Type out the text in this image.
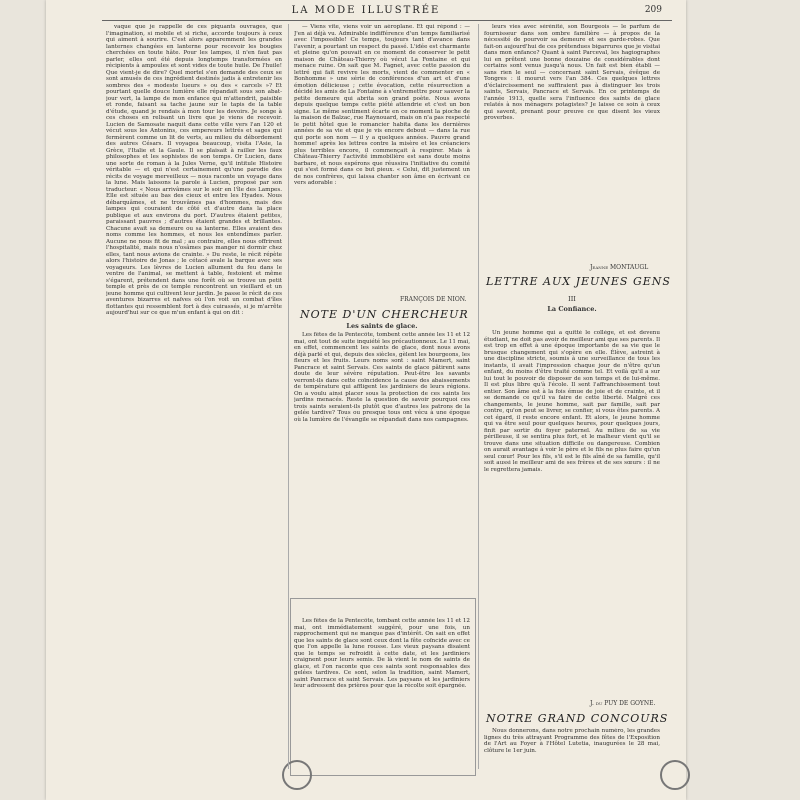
LA MODE ILLUSTRÉE	209

vaque que je rappelle de ces piquants ouvrages, que l'imagination, si mobile et si riche, accorde toujours à ceux qui aiment à sourire. C'est alors apparemment les grandes lanternes changées en lanterne pour recevoir les bougies cherchées en toute hâte. Pour les lampes, il n'en faut pas parler, elles ont été depuis longtemps transformées en récipients à ampoules et sont vides de toute huile. De l'huile! Que vient-je de dire? Quel mortel s'en demande des ceux se sont amusés de ces ingrédient destinés jadis à entretenir les sombres des « modeste lueurs » ou des « carcels »? Et pourtant quelle douce lumière elle répandait sous son abat-jour vert, la lampe de mon enfance qui m'attendrit, paisible et ronde, faisant sa tache jaune sur le tapis de la table d'étude, quand je rendais à mon tour les devoirs. Je songe à ces choses en relisant un livre que je viens de recevoir. Lucien de Samosate naquit dans cette ville vers l'an 120 et vécut sous les Antonins, ces empereurs lettrés et sages qui fermèrent comme un lit de verts, au milieu du débordement des autres Césars. Il voyagea beaucoup, visita l'Asie, la Grèce, l'Italie et la Gaule. Il se plaisait à railler les faux philosophes et les sophistes de son temps. Or Lucien, dans une sorte de roman à la Jules Verne, qu'il intitule Histoire véritable — et qui n'est certainement qu'une parodie des récits de voyage merveilleux — nous raconte un voyage dans la lune. Mais laissons la parole à Lucien, proposé par son traducteur. « Nous arrivâmes sur le soir en l'île des Lampes. Elle est située au bas des cieux et entre les Hyades. Nous débarquâmes, et ne trouvâmes pas d'hommes, mais des lampes qui couraient de côté et d'autre dans la place publique et aux environs du port. D'autres étaient petites, paraissant pauvres ; d'autres étaient grandes et brillantes. Chacune avait sa demeure ou sa lanterne. Elles avaient des noms comme les hommes, et nous les entendîmes parler. Aucune ne nous fit de mal ; au contraire, elles nous offrirent l'hospitalité, mais nous n'osâmes pas manger ni dormir chez elles, tant nous avions de crainte. » Du reste, le récit répète alors l'histoire de Jonas ; le cétacé avale la barque avec ses voyageurs. Les lèvres de Lucien allument du feu dans le ventre de l'animal, se mettent à table, festoient et même s'égarent, prétendent dans une forêt où se trouve un petit temple et près de ce temple rencontrent un vieillard et un jeune homme qui cultivent leur jardin. Je passe le récit de ces aventures bizarres et naïves où l'on voit un combat d'îles flottantes qui ressemblent fort à des cuirassés, si je m'arrête aujourd'hui sur ce que m'un enfant à qui on dit :

— Viens vite, viens voir un aéroplane. Et qui répond : — J'en ai déjà vu. Admirable indifférence d'un temps familiarisé avec l'impossible! Ce temps, toujours tant d'avance dans l'avenir, a pourtant un respect du passé. L'idée est charmante et pleine qu'on pouvait en ce moment de conserver le petit maison de Château-Thierry où vécut La Fontaine et qui menace ruine. On sait que M. Fagnet, avec cette passion du lettré qui fait revivre les morts, vient de commenter en « Bonhomme » une série de conférences d'un art et d'une émotion délicieuse ; cette évocation, cette résurrection a décidé les amis de La Fontaine à s'entremettre pour sauver la petite demeure qui abrita son grand poète. Nous avons depuis quelque temps cette piété attendrie et c'est un bon signe. Le même sentiment écarte en ce moment la pioche de la maison de Balzac, rue Raynouard, mais on n'a pas respecté le petit hôtel que le romancier habita dans les dernières années de sa vie et que je vis encore debout — dans la rue qui porte son nom — il y a quelques années. Pauvre grand homme! après les lettres contre la misère et les créanciers plus terribles encore, il commençait à respirer. Mais à Château-Thierry l'activité immobilière est sans doute moins barbare, et nous espérons que réussira l'initiative du comité qui s'est formé dans ce but pieux. « Celui, dit justement un de nos confrères, qui laissa chanter son âme en écrivant ce vers adorable :

FRANÇOIS DE NION.

leurs vies avec sérénité, son Bourgeois — le parfum de fournisseur dans son ombre familière — à propos de la nécessité de pourvoir sa demeure et ses garde-robes. Que fait-on aujourd'hui de ces prétendues bigarrures que je visitai dans mon enfance? Quant à saint Parceval, les hagiographes lui en prêtent une bonne douzaine de considérables dont certains sont venus jusqu'à nous. Un fait est bien établi — sans rien le seul — concernant saint Servais, évêque de Tongres : il mourut vers l'an 384. Ces quelques lettres d'éclaircissement ne suffiraient pas à distinguer les trois saints, Servais, Pancrace et Servais. En ce printemps de l'année 1913, quelle sera l'influence des saints de glace relatés à nos ménagers potagistes? Je laisse ce soin à ceux qui savent, prenant pour preuve ce que disent les vieux proverbes.

Jeanne MONTAUGL
NOTE D'UN CHERCHEUR
Les saints de glace.

Les fêtes de la Pentecôte, tombent cette année les 11 et 12 mai, ont tout de suite inquiété les précautionneux. Le 11 mai, en effet, commencent les saints de glace, dont nous avons déjà parlé et qui, depuis des siècles, gèlent les bourgeons, les fleurs et les fruits. Leurs noms sont : saint Mamert, saint Pancrace et saint Servais. Ces saints de glace pâtirent sans doute de leur sévère réputation. Peut-être les savants verront-ils dans cette coïncidence la cause des abaissements de température qui affligent les jardiniers de leurs régions. On a voulu ainsi placer sous la protection de ces saints les jardins menacés. Reste la question de savoir pourquoi ces trois saints seraient-ils plutôt que d'autres les patrons de la gelée tardive? Tous ou presque tous ont vécu à une époque où la lumière de l'évangile se répandait dans nos campagnes.

LETTRE AUX JEUNES GENS
III
La Confiance.

Un jeune homme qui a quitté le collège, et est devenu étudiant, ne doit pas avoir de meilleur ami que ses parents. Il est trop en effet à une époque importante de sa vie que le brusque changement qui s'opère en elle. Élève, astreint à une discipline stricte, soumis à une surveillance de tous les instants, il avait l'impression chaque jour de n'être qu'un enfant, du moins d'être traité comme tel. Et voilà qu'il a sur lui tout le pouvoir de disposer de son temps et de lui-même. Il est plus libre qu'à l'école. Il sent l'affranchissement tout entier. Son âme est à la fois émue de joie et de crainte, et il se demande ce qu'il va faire de cette liberté. Malgré ces changements, le jeune homme, sait par famille, sait par contre, qu'on peut se livrer, se confier, si vous êtes parents. A cet égard, il reste encore enfant. Et alors, le jeune homme qui va être seul pour quelques heures, pour quelques jours, finit par sortir du foyer paternel. Au milieu de sa vie périlleuse, il se sentira plus fort, et le malheur vient qu'il se trouve dans une situation difficile ou dangereuse. Combien on aurait avantage à voir le père et le fils ne plus faire qu'un seul cœur! Pour les fils, s'il est le fils aîné de sa famille, qu'il soit aussi le meilleur ami de ses frères et de ses sœurs : il ne le regrettera jamais.

J. du PUY DE GOYNE.
NOTRE GRAND CONCOURS

Nous donnerons, dans notre prochain numéro, les grandes lignes du très attrayant Programme des fêtes de l'Exposition de l'Art au Foyer à l'Hôtel Lutetia, inaugurées le 28 mai, clôture le 1er juin.

Les fêtes de la Pentecôte, tombant cette année les 11 et 12 mai, ont immédiatement suggéré, pour une fois, un rapprochement qui ne manque pas d'intérêt. On sait en effet que les saints de glace sont ceux dont la fête coïncide avec ce que l'on appelle la lune rousse. Les vieux paysans disaient que le temps se refroidit à cette date, et les jardiniers craignent pour leurs semis. De là vient le nom de saints de glace, et l'on raconte que ces saints sont responsables des gelées tardives. Ce sont, selon la tradition, saint Mamert, saint Pancrace et saint Servais. Les paysans et les jardiniers leur adressent des prières pour que la récolte soit épargnée.
